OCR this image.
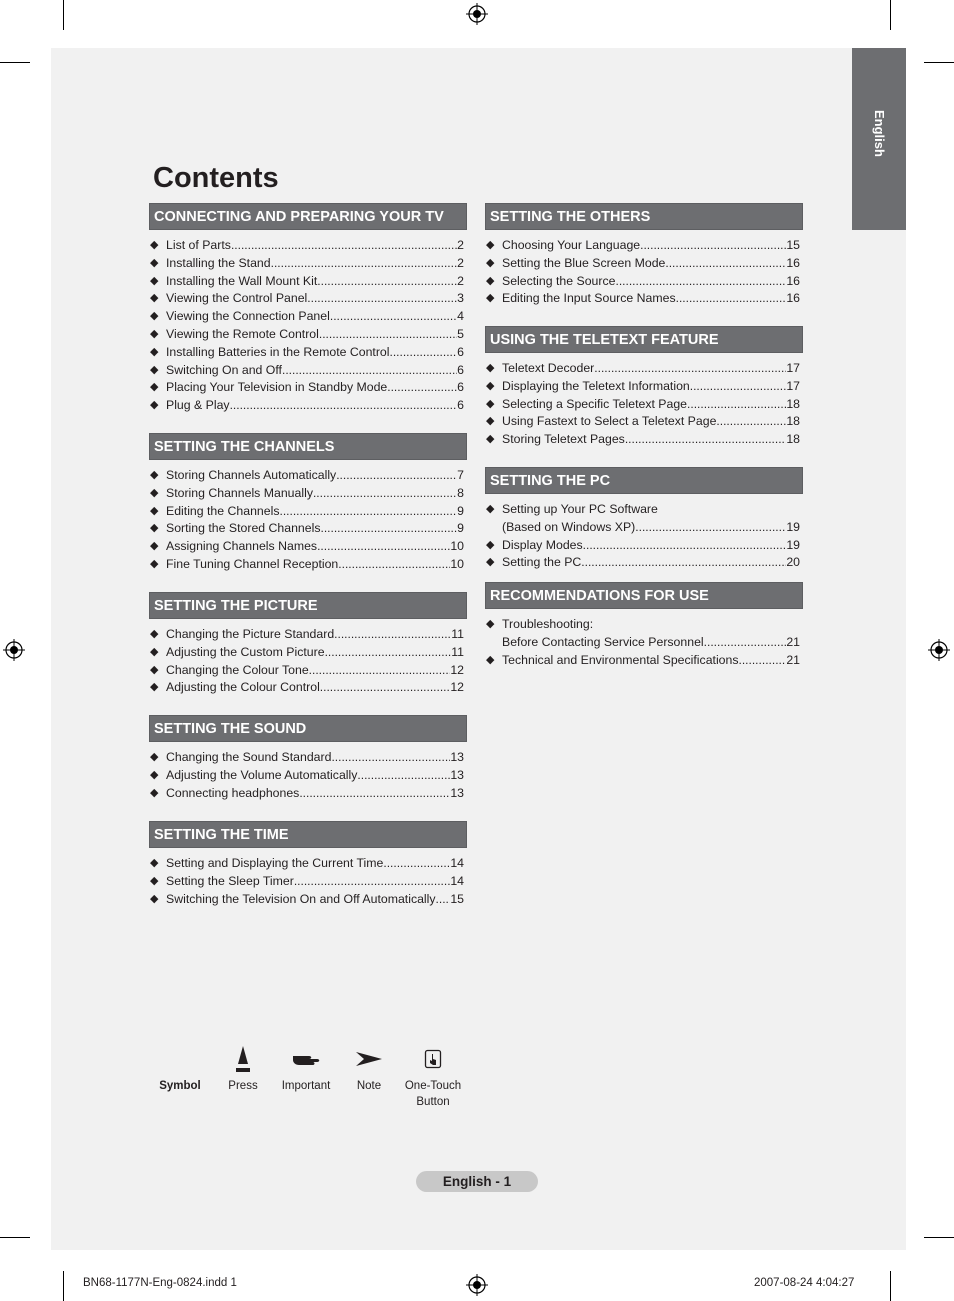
English
Contents
CONNECTING AND PREPARING YOUR TV
◆ List of Parts .....	2
◆ Installing the Stand .....	2
◆ Installing the Wall Mount Kit .....	2
◆ Viewing the Control Panel .....	3
◆ Viewing the Connection Panel .....	4
◆ Viewing the Remote Control .....	5
◆ Installing Batteries in the Remote Control .....	6
◆ Switching On and Off .....	6
◆ Placing Your Television in Standby Mode .....	6
◆ Plug & Play .....	6
SETTING THE CHANNELS
◆ Storing Channels Automatically .....	7
◆ Storing Channels Manually .....	8
◆ Editing the Channels .....	9
◆ Sorting the Stored Channels .....	9
◆ Assigning Channels Names .....	10
◆ Fine Tuning Channel Reception .....	10
SETTING THE PICTURE
◆ Changing the Picture Standard .....	11
◆ Adjusting the Custom Picture .....	11
◆ Changing the Colour Tone .....	12
◆ Adjusting the Colour Control .....	12
SETTING THE SOUND
◆ Changing the Sound Standard .....	13
◆ Adjusting the Volume Automatically .....	13
◆ Connecting headphones .....	13
SETTING THE TIME
◆ Setting and Displaying the Current Time .....	14
◆ Setting the Sleep Timer .....	14
◆ Switching the Television On and Off Automatically ..... 15
SETTING THE OTHERS
◆ Choosing Your Language .....	15
◆ Setting the Blue Screen Mode .....	16
◆ Selecting the Source .....	16
◆ Editing the Input Source Names .....	16
USING THE TELETEXT FEATURE
◆ Teletext Decoder .....	17
◆ Displaying the Teletext Information .....	17
◆ Selecting a Specific Teletext Page .....	18
◆ Using Fastext to Select a Teletext Page .....	18
◆ Storing Teletext Pages .....	18
SETTING THE PC
◆ Setting up Your PC Software
(Based on Windows XP) .....	19
◆ Display Modes .....	19
◆ Setting the PC .....	20
RECOMMENDATIONS FOR USE
◆ Troubleshooting:
Before Contacting Service Personnel .....	21
◆ Technical and Environmental Specifications .....	21
Symbol	Press	Important	Note	One-Touch
Button
English - 1
BN68-1177N-Eng-0824.indd 1	2007-08-24 4:04:27
